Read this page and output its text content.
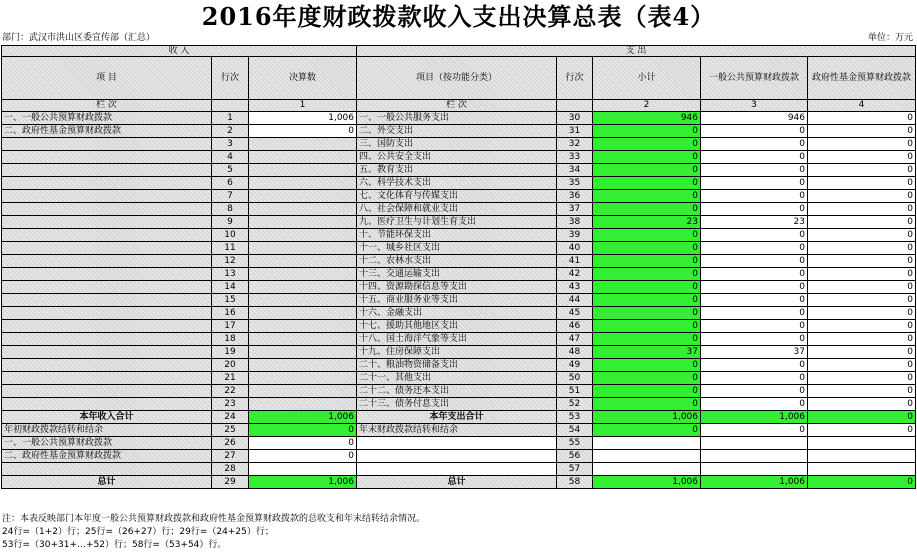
2016年度财政拨款收入支出决算总表（表4）
部门：武汉市洪山区委宣传部（汇总）	单位：万元
收 入			支 出				
项 目	行次	决算数	项目（按功能分类）	行次	小计	一般公共预算财政拨款	政府性基金预算财政拨款
栏 次		1	栏 次		2	3	4
一、一般公共预算财政拨款	1	1,006	一、一般公共服务支出	30	946	946	0
二、政府性基金预算财政拨款	2	0	二、外交支出	31	0	0	0
	3		三、国防支出	32	0	0	0
	4		四、公共安全支出	33	0	0	0
	5		五、教育支出	34	0	0	0
	6		六、科学技术支出	35	0	0	0
	7		七、文化体育与传媒支出	36	0	0	0
	8		八、社会保障和就业支出	37	0	0	0
	9		九、医疗卫生与计划生育支出	38	23	23	0
	10		十、节能环保支出	39	0	0	0
	11		十一、城乡社区支出	40	0	0	0
	12		十二、农林水支出	41	0	0	0
	13		十三、交通运输支出	42	0	0	0
	14		十四、资源勘探信息等支出	43	0	0	0
	15		十五、商业服务业等支出	44	0	0	0
	16		十六、金融支出	45	0	0	0
	17		十七、援助其他地区支出	46	0	0	0
	18		十八、国土海洋气象等支出	47	0	0	0
	19		十九、住房保障支出	48	37	37	0
	20		二十、粮油物资储备支出	49	0	0	0
	21		二十一、其他支出	50	0	0	0
	22		二十二、债务还本支出	51	0	0	0
	23		二十三、债务付息支出	52	0	0	0
本年收入合计	24	1,006	本年支出合计	53	1,006	1,006	0
年初财政拨款结转和结余	25	0	年末财政拨款结转和结余	54	0	0	0
一、一般公共预算财政拨款	26	0		55			
二、政府性基金预算财政拨款	27	0		56			
	28			57			
总计	29	1,006	总计	58	1,006	1,006	0
注：本表反映部门本年度一般公共预算财政拨款和政府性基金预算财政拨款的总收支和年末结转结余情况。
24行=（1+2）行；25行=（26+27）行；29行=（24+25）行；
53行=（30+31+…+52）行；58行=（53+54）行。
